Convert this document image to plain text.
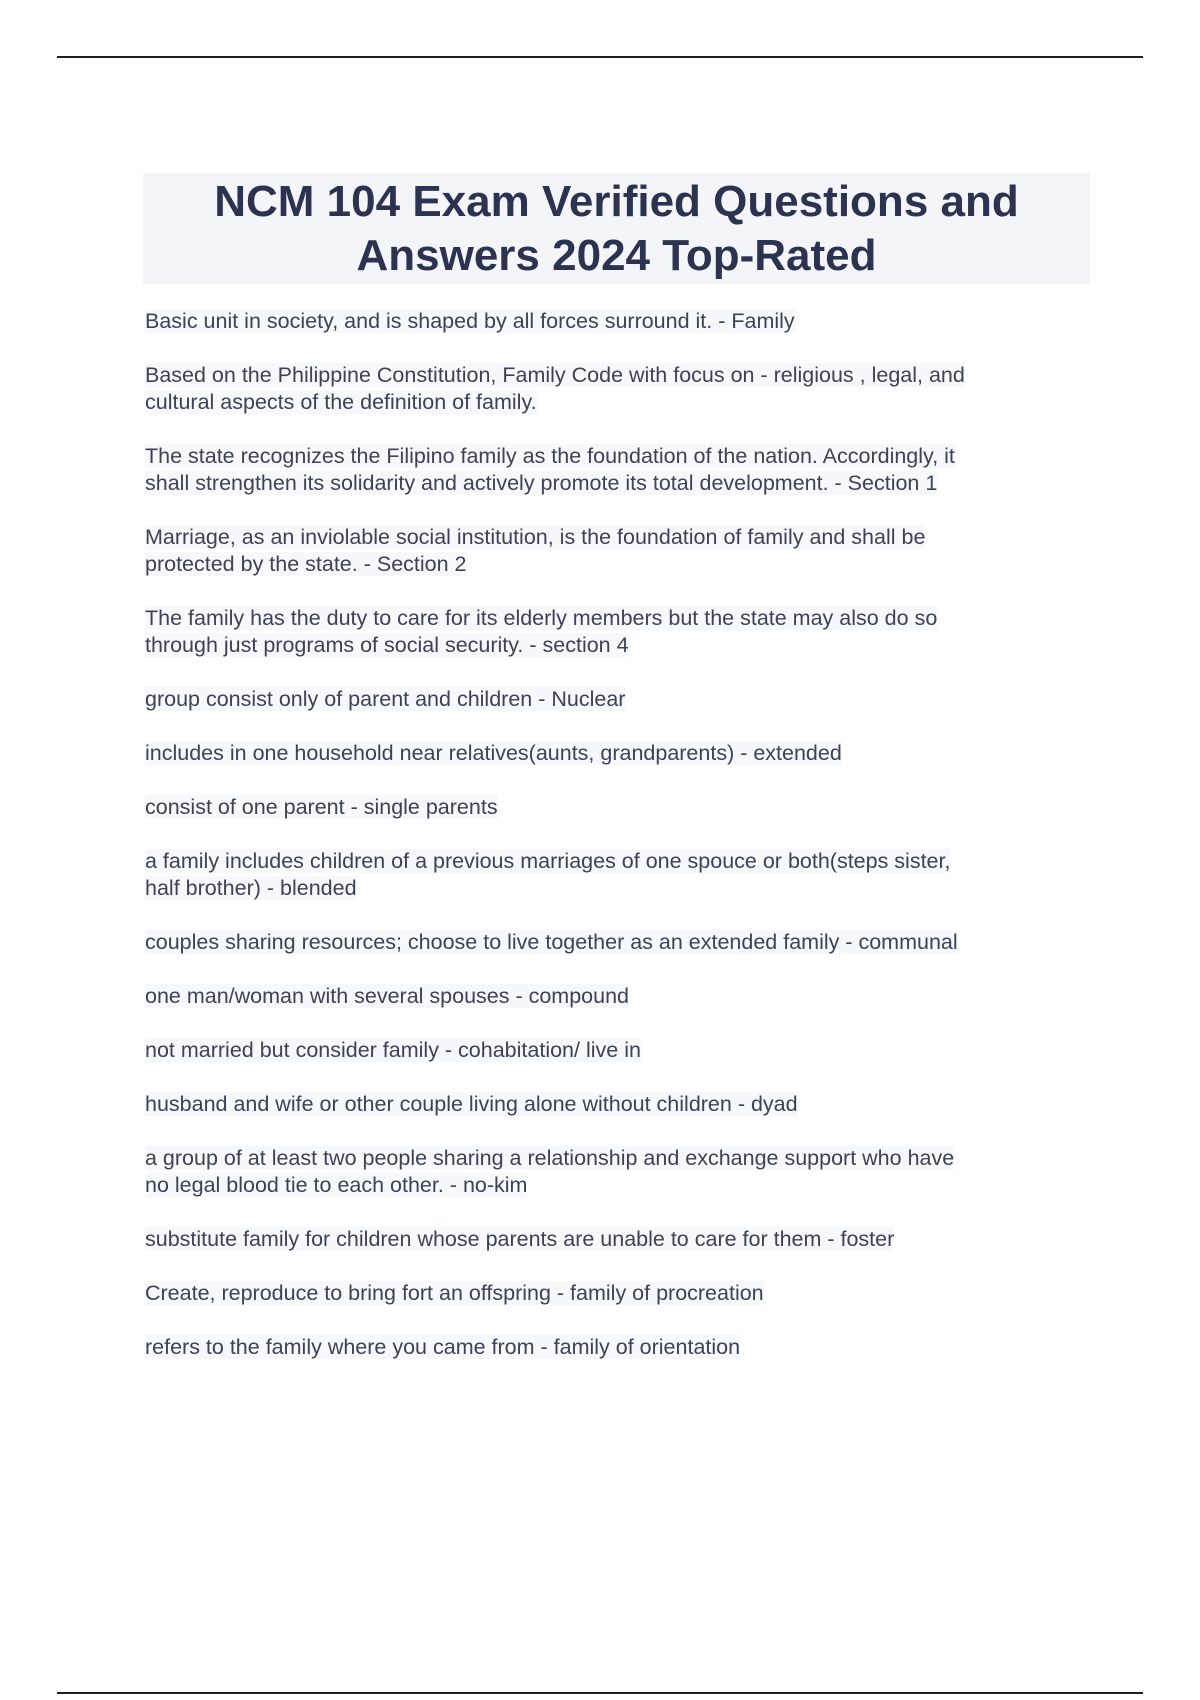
NCM 104 Exam Verified Questions and
Answers 2024 Top-Rated
Basic unit in society, and is shaped by all forces surround it. - Family
Based on the Philippine Constitution, Family Code with focus on - religious , legal, and
cultural aspects of the definition of family.
The state recognizes the Filipino family as the foundation of the nation. Accordingly, it
shall strengthen its solidarity and actively promote its total development. - Section 1
Marriage, as an inviolable social institution, is the foundation of family and shall be
protected by the state. - Section 2
The family has the duty to care for its elderly members but the state may also do so
through just programs of social security. - section 4
group consist only of parent and children - Nuclear
includes in one household near relatives(aunts, grandparents) - extended
consist of one parent - single parents
a family includes children of a previous marriages of one spouce or both(steps sister,
half brother) - blended
couples sharing resources; choose to live together as an extended family - communal
one man/woman with several spouses - compound
not married but consider family - cohabitation/ live in
husband and wife or other couple living alone without children - dyad
a group of at least two people sharing a relationship and exchange support who have
no legal blood tie to each other. - no-kim
substitute family for children whose parents are unable to care for them - foster
Create, reproduce to bring fort an offspring - family of procreation
refers to the family where you came from - family of orientation
